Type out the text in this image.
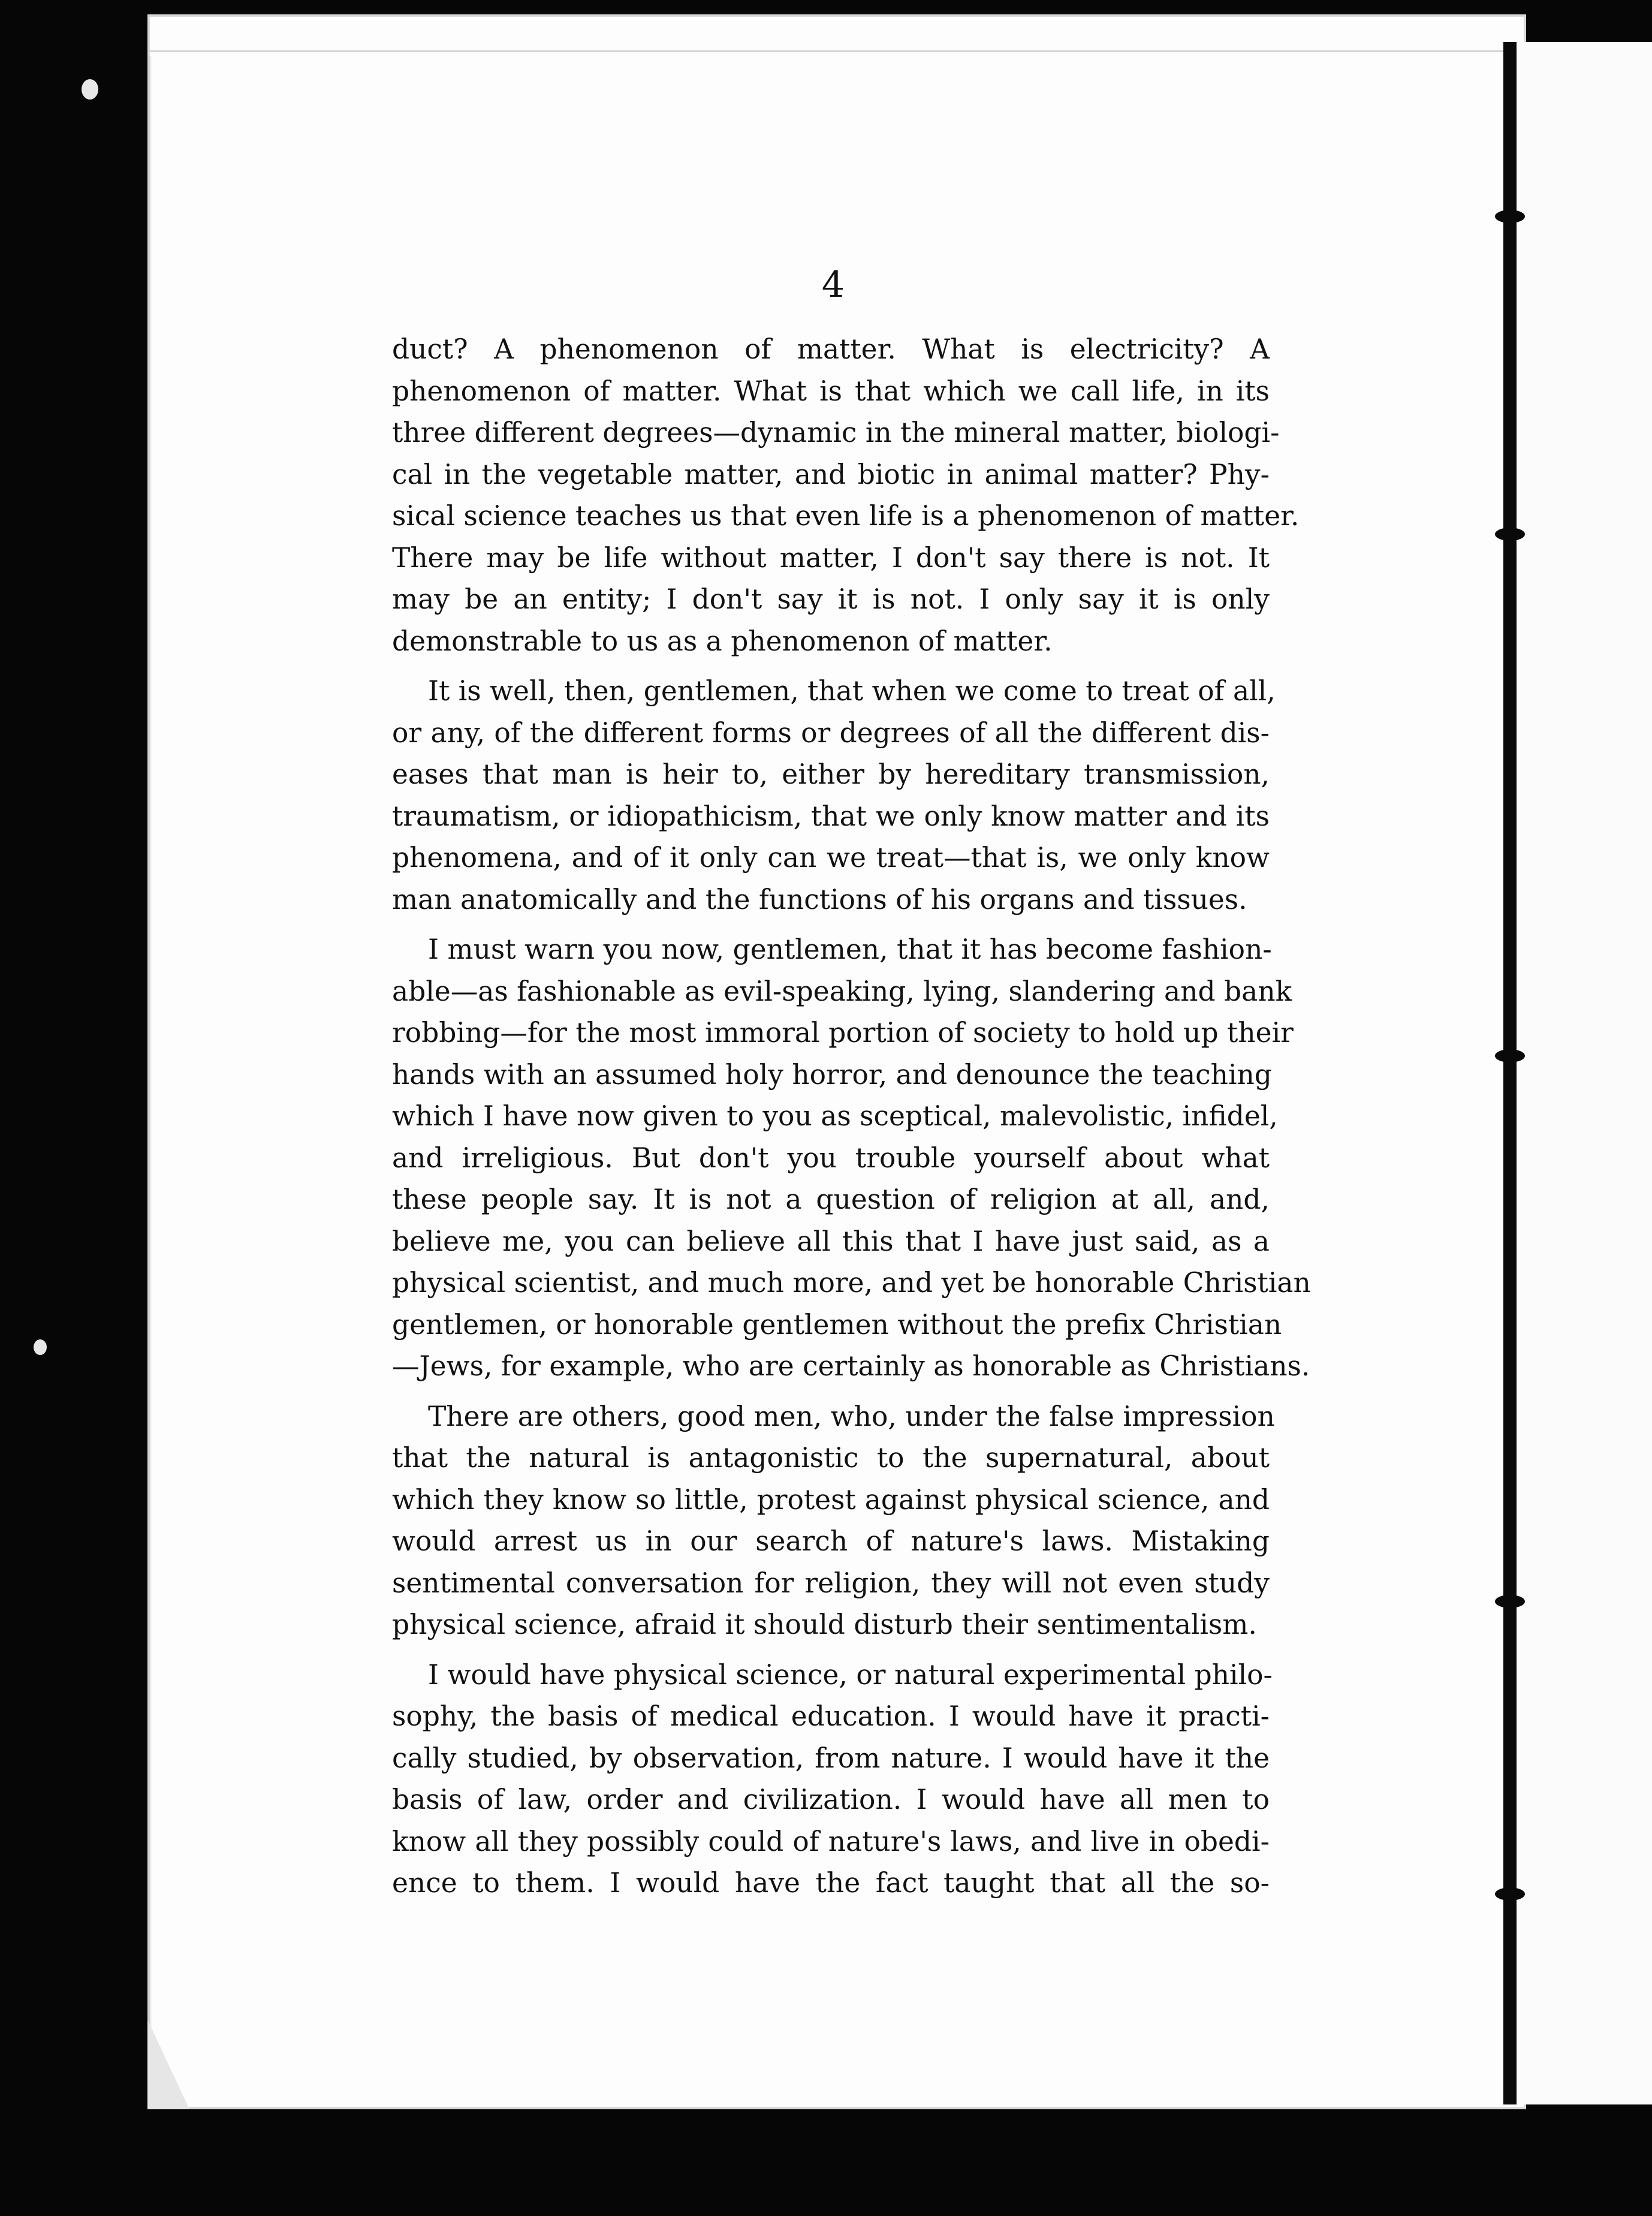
4
duct? A phenomenon of matter. What is electricity? A
phenomenon of matter. What is that which we call life, in its
three different degrees—dynamic in the mineral matter, biologi-
cal in the vegetable matter, and biotic in animal matter? Phy-
sical science teaches us that even life is a phenomenon of matter.
There may be life without matter, I don't say there is not. It
may be an entity; I don't say it is not. I only say it is only
demonstrable to us as a phenomenon of matter.
It is well, then, gentlemen, that when we come to treat of all,
or any, of the different forms or degrees of all the different dis-
eases that man is heir to, either by hereditary transmission,
traumatism, or idiopathicism, that we only know matter and its
phenomena, and of it only can we treat—that is, we only know
man anatomically and the functions of his organs and tissues.
I must warn you now, gentlemen, that it has become fashion-
able—as fashionable as evil-speaking, lying, slandering and bank
robbing—for the most immoral portion of society to hold up their
hands with an assumed holy horror, and denounce the teaching
which I have now given to you as sceptical, malevolistic, infidel,
and irreligious. But don't you trouble yourself about what
these people say. It is not a question of religion at all, and,
believe me, you can believe all this that I have just said, as a
physical scientist, and much more, and yet be honorable Christian
gentlemen, or honorable gentlemen without the prefix Christian
—Jews, for example, who are certainly as honorable as Christians.
There are others, good men, who, under the false impression
that the natural is antagonistic to the supernatural, about
which they know so little, protest against physical science, and
would arrest us in our search of nature's laws. Mistaking
sentimental conversation for religion, they will not even study
physical science, afraid it should disturb their sentimentalism.
I would have physical science, or natural experimental philo-
sophy, the basis of medical education. I would have it practi-
cally studied, by observation, from nature. I would have it the
basis of law, order and civilization. I would have all men to
know all they possibly could of nature's laws, and live in obedi-
ence to them. I would have the fact taught that all the so-
